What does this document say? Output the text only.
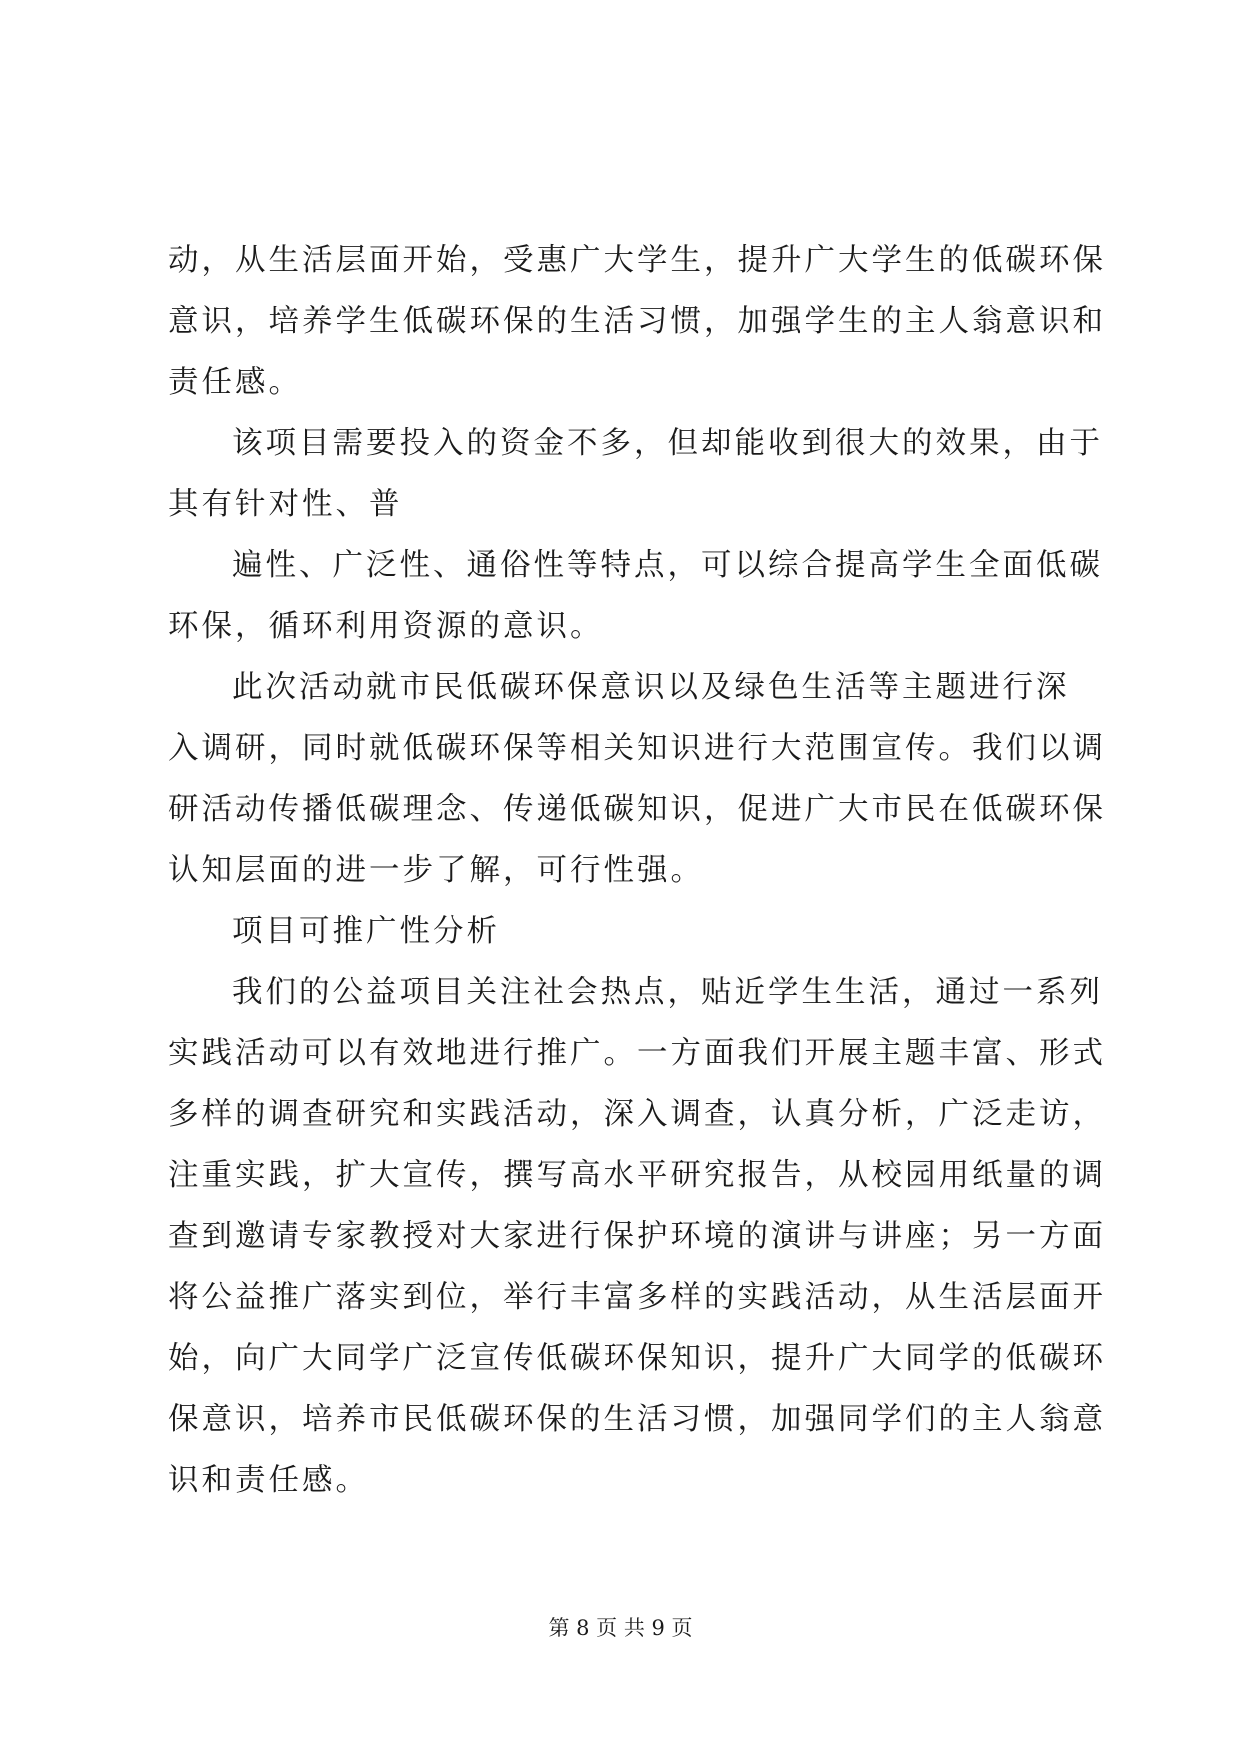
动，从生活层面开始，受惠广大学生，提升广大学生的低碳环保
意识，培养学生低碳环保的生活习惯，加强学生的主人翁意识和
责任感。
该项目需要投入的资金不多，但却能收到很大的效果，由于
其有针对性、普
遍性、广泛性、通俗性等特点，可以综合提高学生全面低碳
环保，循环利用资源的意识。
此次活动就市民低碳环保意识以及绿色生活等主题进行深
入调研，同时就低碳环保等相关知识进行大范围宣传。我们以调
研活动传播低碳理念、传递低碳知识，促进广大市民在低碳环保
认知层面的进一步了解，可行性强。
项目可推广性分析
我们的公益项目关注社会热点，贴近学生生活，通过一系列
实践活动可以有效地进行推广。一方面我们开展主题丰富、形式
多样的调查研究和实践活动，深入调查，认真分析，广泛走访，
注重实践，扩大宣传，撰写高水平研究报告，从校园用纸量的调
查到邀请专家教授对大家进行保护环境的演讲与讲座；另一方面
将公益推广落实到位，举行丰富多样的实践活动，从生活层面开
始，向广大同学广泛宣传低碳环保知识，提升广大同学的低碳环
保意识，培养市民低碳环保的生活习惯，加强同学们的主人翁意
识和责任感。
第 8 页 共 9 页
